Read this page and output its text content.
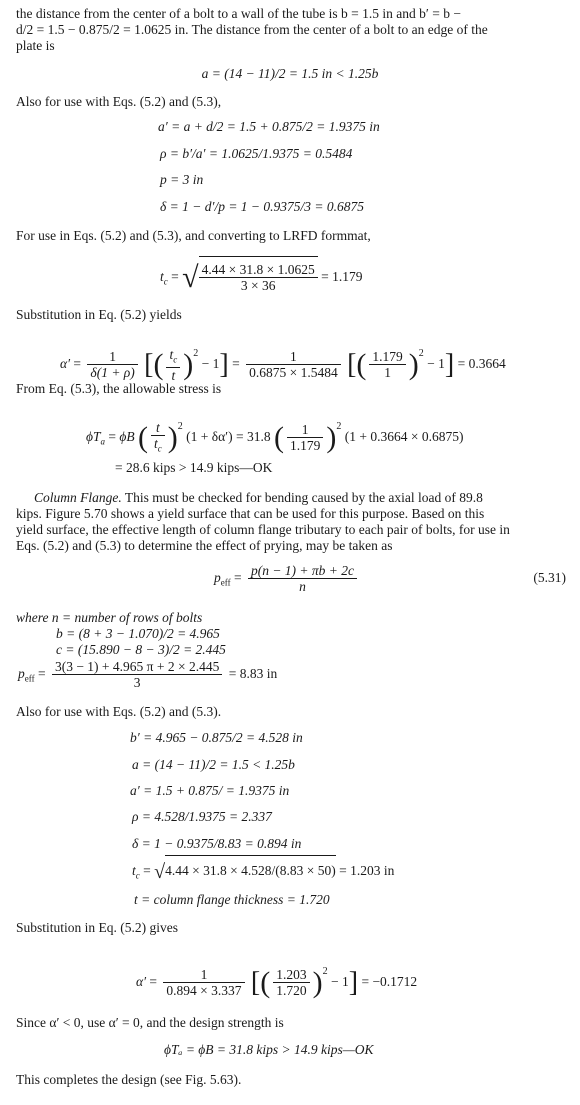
the distance from the center of a bolt to a wall of the tube is b = 1.5 in and b′ = b −
d/2 = 1.5 − 0.875/2 = 1.0625 in. The distance from the center of a bolt to an edge of the
plate is
a = (14 − 11)/2 = 1.5 in < 1.25b
Also for use with Eqs. (5.2) and (5.3),
a′ = a + d/2 = 1.5 + 0.875/2 = 1.9375 in
ρ = b′/a′ = 1.0625/1.9375 = 0.5484
p = 3 in
δ = 1 − d′/p = 1 − 0.9375/3 = 0.6875
For use in Eqs. (5.2) and (5.3), and converting to LRFD formmat,
$t_c$ = √ $\frac{4.44 \times 31.8 \times 1.0625}{3 \times 36} = 1.179$
Substitution in Eq. (5.2) yields
$\alpha' = \frac{1}{\delta(1 + \rho)}$ [( $\frac{t_c}{t} )^2 - 1] = \frac{1}{0.6875 \times 1.5484}$ [( $\frac{1.179}{1} )^2 - 1] = 0.3664$
From Eq. (5.3), the allowable stress is
$\phi T_a = \phi B$ ( $\frac{t}{t_c} )^2$ (1 + δα′) = 31.8 ( $\frac{1}{1.179} )^2$ (1 + 0.3664 × 0.6875)
= 28.6 kips > 14.9 kips—OK
Column Flange. This must be checked for bending caused by the axial load of 89.8
kips. Figure 5.70 shows a yield surface that can be used for this purpose. Based on this
yield surface, the effective length of column flange tributary to each pair of bolts, for use in
Eqs. (5.2) and (5.3) to determine the effect of prying, may be taken as
$p_{eff} = \frac{p(n - 1) + \pi b + 2c}{n}$	(5.31)
where n = number of rows of bolts
b = (8 + 3 − 1.070)/2 = 4.965
c = (15.890 − 8 − 3)/2 = 2.445
$p_{eff} = \frac{3(3 - 1) + 4.965 \pi + 2 \times 2.445}{3} = 8.83$ in
Also for use with Eqs. (5.2) and (5.3).
b′ = 4.965 − 0.875/2 = 4.528 in
a = (14 − 11)/2 = 1.5 < 1.25b
a′ = 1.5 + 0.875/ = 1.9375 in
ρ = 4.528/1.9375 = 2.337
δ = 1 − 0.9375/8.83 = 0.894 in
$t_c = √4.44 \times 31.8 \times 4.528/(8.83 \times 50) = 1.203$ in
t = column flange thickness = 1.720
Substitution in Eq. (5.2) gives
$\alpha' = \frac{1}{0.894 \times 3.337}$ [( $\frac{1.203}{1.720} )^2 - 1] = -0.1712$
Since α′ < 0, use α′ = 0, and the design strength is
ϕTₐ = ϕB = 31.8 kips > 14.9 kips—OK
This completes the design (see Fig. 5.63).
